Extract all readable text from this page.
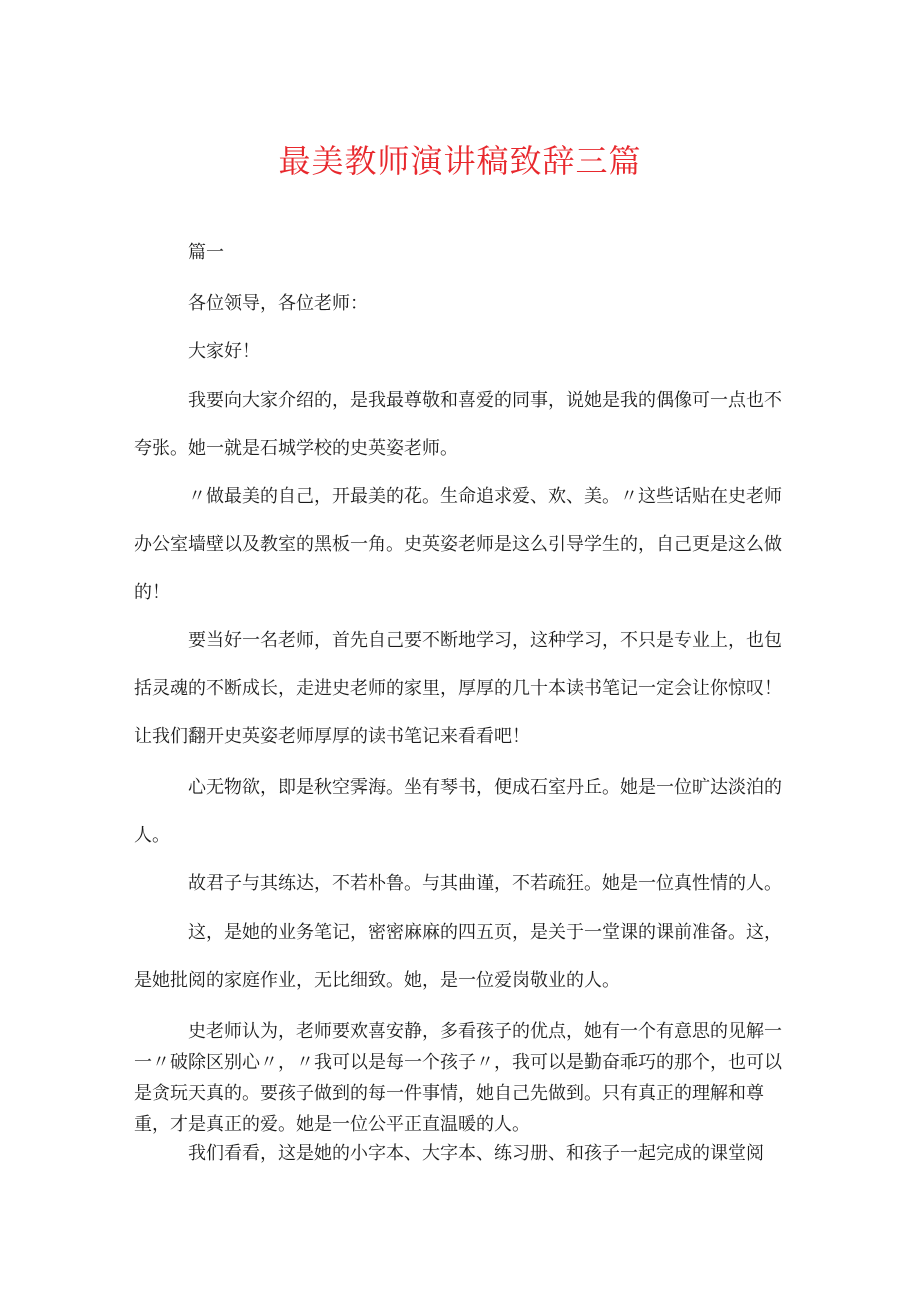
最美教师演讲稿致辞三篇

篇一

各位领导，各位老师：

大家好！

我要向大家介绍的，是我最尊敬和喜爱的同事，说她是我的偶像可一点也不夸张。她一就是石城学校的史英姿老师。

〃做最美的自己，开最美的花。生命追求爱、欢、美。〃这些话贴在史老师办公室墙壁以及教室的黑板一角。史英姿老师是这么引导学生的，自己更是这么做的！

要当好一名老师，首先自己要不断地学习，这种学习，不只是专业上，也包括灵魂的不断成长，走进史老师的家里，厚厚的几十本读书笔记一定会让你惊叹！让我们翻开史英姿老师厚厚的读书笔记来看看吧！

心无物欲，即是秋空霁海。坐有琴书，便成石室丹丘。她是一位旷达淡泊的人。

故君子与其练达，不若朴鲁。与其曲谨，不若疏狂。她是一位真性情的人。

这，是她的业务笔记，密密麻麻的四五页，是关于一堂课的课前准备。这，是她批阅的家庭作业，无比细致。她，是一位爱岗敬业的人。

史老师认为，老师要欢喜安静，多看孩子的优点，她有一个有意思的见解一一〃破除区别心〃，〃我可以是每一个孩子〃，我可以是勤奋乖巧的那个，也可以是贪玩天真的。要孩子做到的每一件事情，她自己先做到。只有真正的理解和尊重，才是真正的爱。她是一位公平正直温暖的人。

我们看看，这是她的小字本、大字本、练习册、和孩子一起完成的课堂阅
